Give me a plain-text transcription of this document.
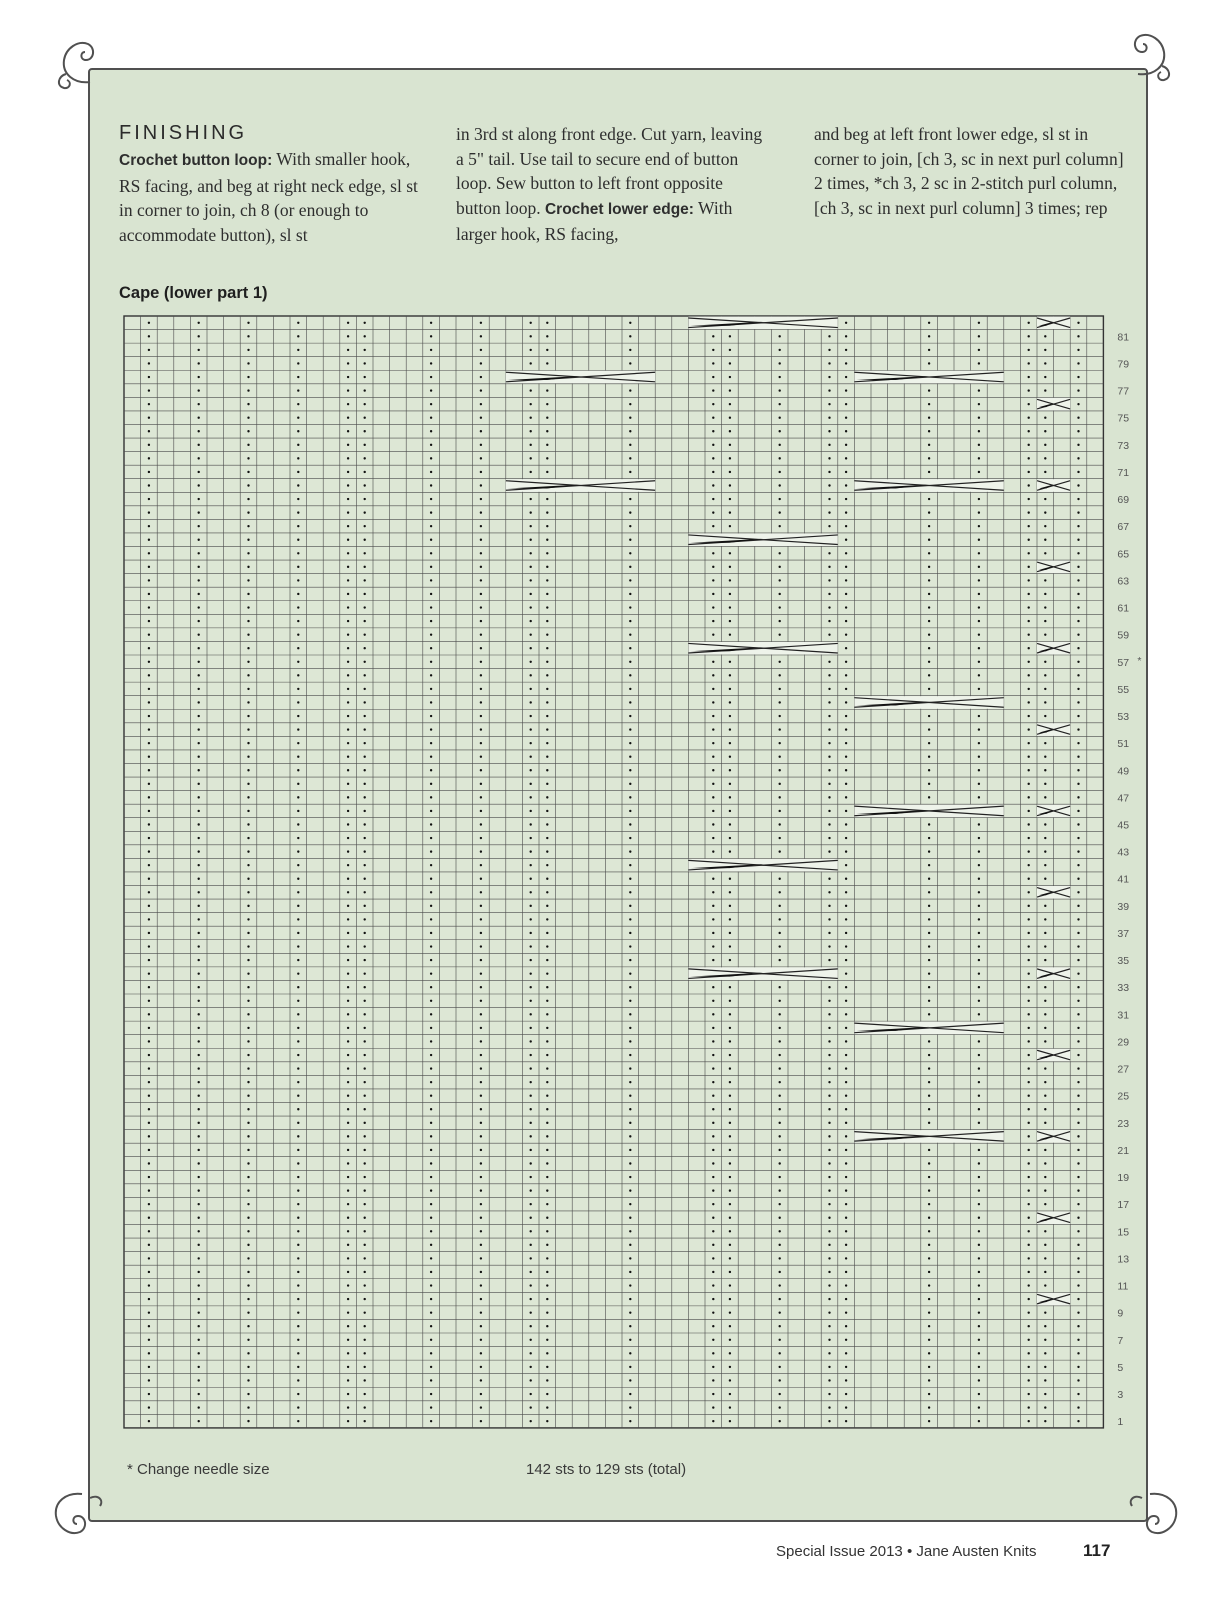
FINISHING

Crochet button loop: With smaller hook, RS facing, and beg at right neck edge, sl st in corner to join, ch 8 (or enough to accommodate button), sl st

in 3rd st along front edge. Cut yarn, leaving a 5" tail. Use tail to secure end of button loop. Sew button to left front opposite button loop. Crochet lower edge: With larger hook, RS facing,

and beg at left front lower edge, sl st in corner to join, [ch 3, sc in next purl column] 2 times, *ch 3, 2 sc in 2-stitch purl column, [ch 3, sc in next purl column] 3 times; rep

Cape (lower part 1)
1
3
5
7
9
11
13
15
17
19
21
23
25
27
29
31
33
35
37
39
41
43
45
47
49
51
53
55
57 *
59
61
63
65
67
69
71
73
75
77
79
81

* Change needle size	142 sts to 129 sts (total)

Special Issue 2013 • Jane Austen Knits	117
